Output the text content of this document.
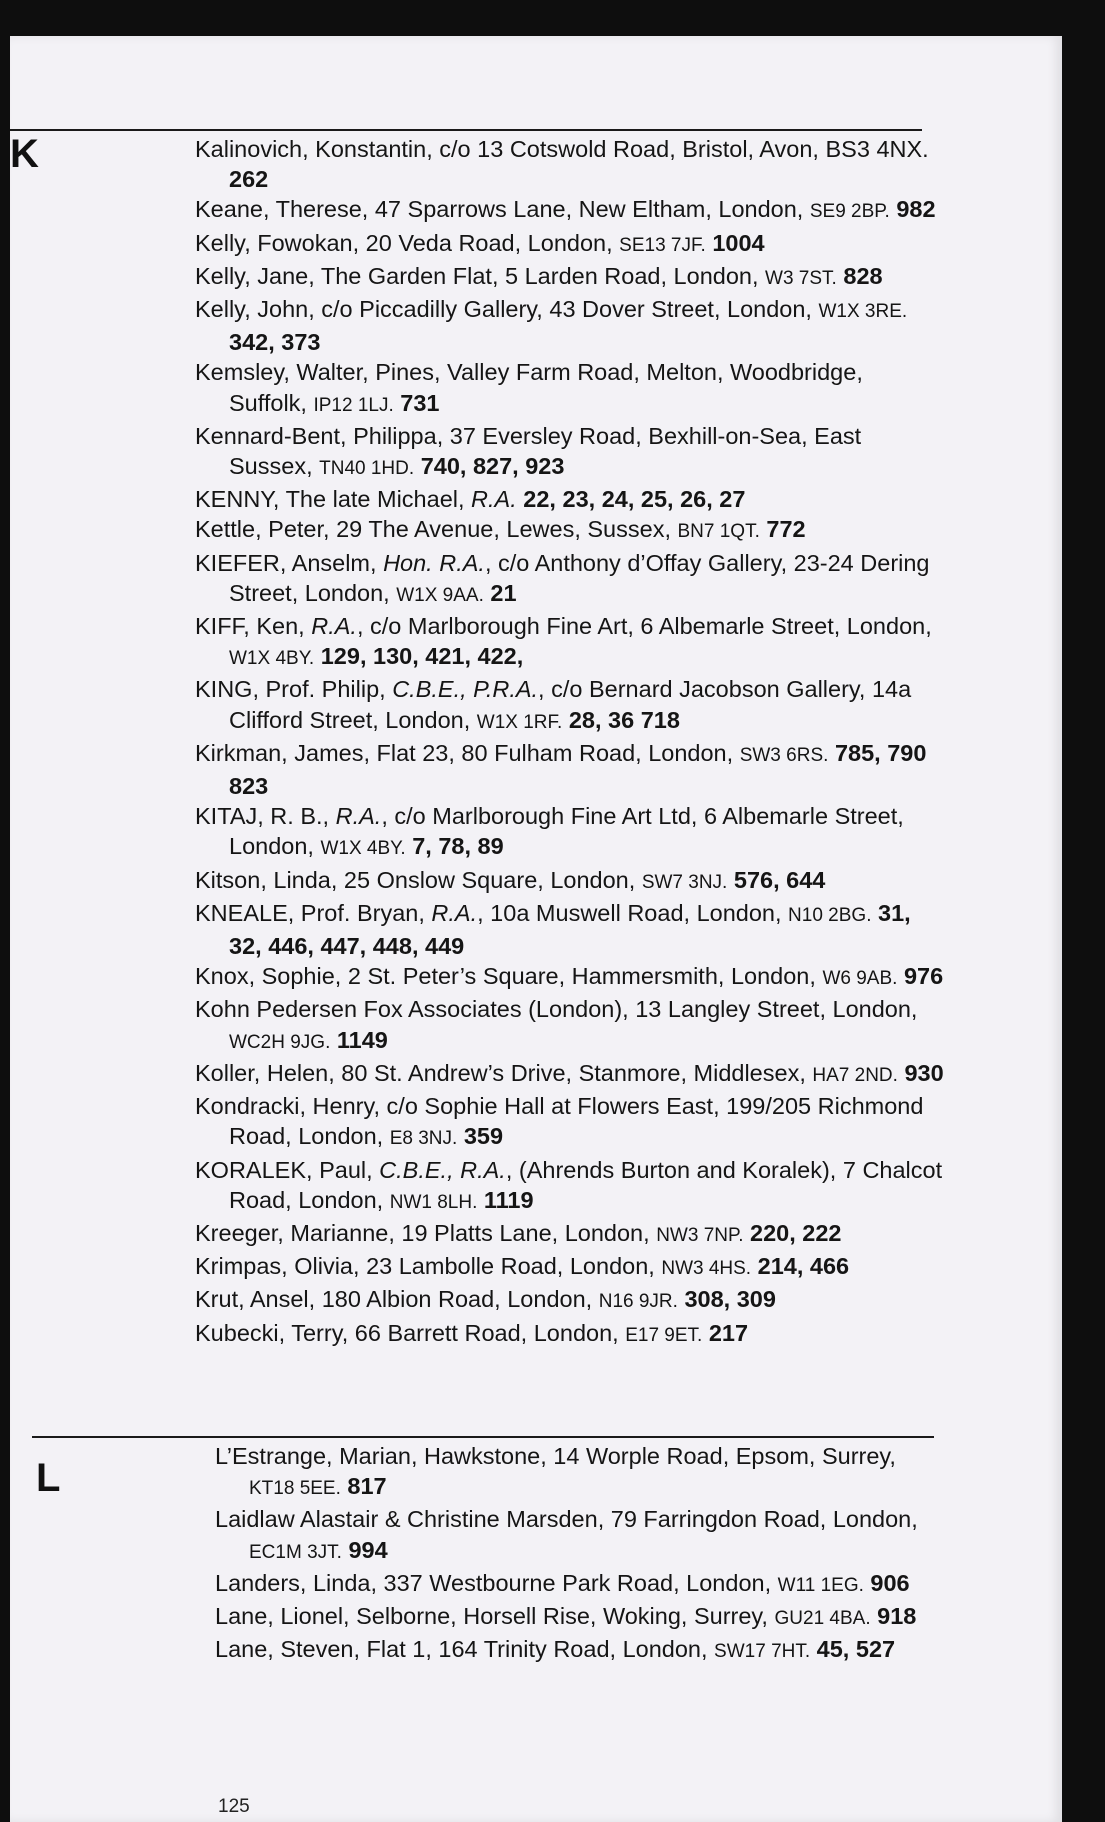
K	Kalinovich, Konstantin, c/o 13 Cotswold Road, Bristol, Avon, BS3 4NX. 262
Keane, Therese, 47 Sparrows Lane, New Eltham, London, SE9 2BP. 982
Kelly, Fowokan, 20 Veda Road, London, SE13 7JF. 1004
Kelly, Jane, The Garden Flat, 5 Larden Road, London, W3 7ST. 828
Kelly, John, c/o Piccadilly Gallery, 43 Dover Street, London, W1X 3RE. 342, 373
Kemsley, Walter, Pines, Valley Farm Road, Melton, Woodbridge, Suffolk, IP12 1LJ. 731
Kennard-Bent, Philippa, 37 Eversley Road, Bexhill-on-Sea, East Sussex, TN40 1HD. 740, 827, 923
KENNY, The late Michael, R.A. 22, 23, 24, 25, 26, 27
Kettle, Peter, 29 The Avenue, Lewes, Sussex, BN7 1QT. 772
KIEFER, Anselm, Hon. R.A., c/o Anthony d’Offay Gallery, 23-24 Dering Street, London, W1X 9AA. 21
KIFF, Ken, R.A., c/o Marlborough Fine Art, 6 Albemarle Street, London, W1X 4BY. 129, 130, 421, 422,
KING, Prof. Philip, C.B.E., P.R.A., c/o Bernard Jacobson Gallery, 14a Clifford Street, London, W1X 1RF. 28, 36 718
Kirkman, James, Flat 23, 80 Fulham Road, London, SW3 6RS. 785, 790 823
KITAJ, R. B., R.A., c/o Marlborough Fine Art Ltd, 6 Albemarle Street, London, W1X 4BY. 7, 78, 89
Kitson, Linda, 25 Onslow Square, London, SW7 3NJ. 576, 644
KNEALE, Prof. Bryan, R.A., 10a Muswell Road, London, N10 2BG. 31, 32, 446, 447, 448, 449
Knox, Sophie, 2 St. Peter’s Square, Hammersmith, London, W6 9AB. 976
Kohn Pedersen Fox Associates (London), 13 Langley Street, London, WC2H 9JG. 1149
Koller, Helen, 80 St. Andrew’s Drive, Stanmore, Middlesex, HA7 2ND. 930
Kondracki, Henry, c/o Sophie Hall at Flowers East, 199/205 Richmond Road, London, E8 3NJ. 359
KORALEK, Paul, C.B.E., R.A., (Ahrends Burton and Koralek), 7 Chalcot Road, London, NW1 8LH. 1119
Kreeger, Marianne, 19 Platts Lane, London, NW3 7NP. 220, 222
Krimpas, Olivia, 23 Lambolle Road, London, NW3 4HS. 214, 466
Krut, Ansel, 180 Albion Road, London, N16 9JR. 308, 309
Kubecki, Terry, 66 Barrett Road, London, E17 9ET. 217
L	L’Estrange, Marian, Hawkstone, 14 Worple Road, Epsom, Surrey, KT18 5EE. 817
Laidlaw Alastair & Christine Marsden, 79 Farringdon Road, London, EC1M 3JT. 994
Landers, Linda, 337 Westbourne Park Road, London, W11 1EG. 906
Lane, Lionel, Selborne, Horsell Rise, Woking, Surrey, GU21 4BA. 918
Lane, Steven, Flat 1, 164 Trinity Road, London, SW17 7HT. 45, 527
125
